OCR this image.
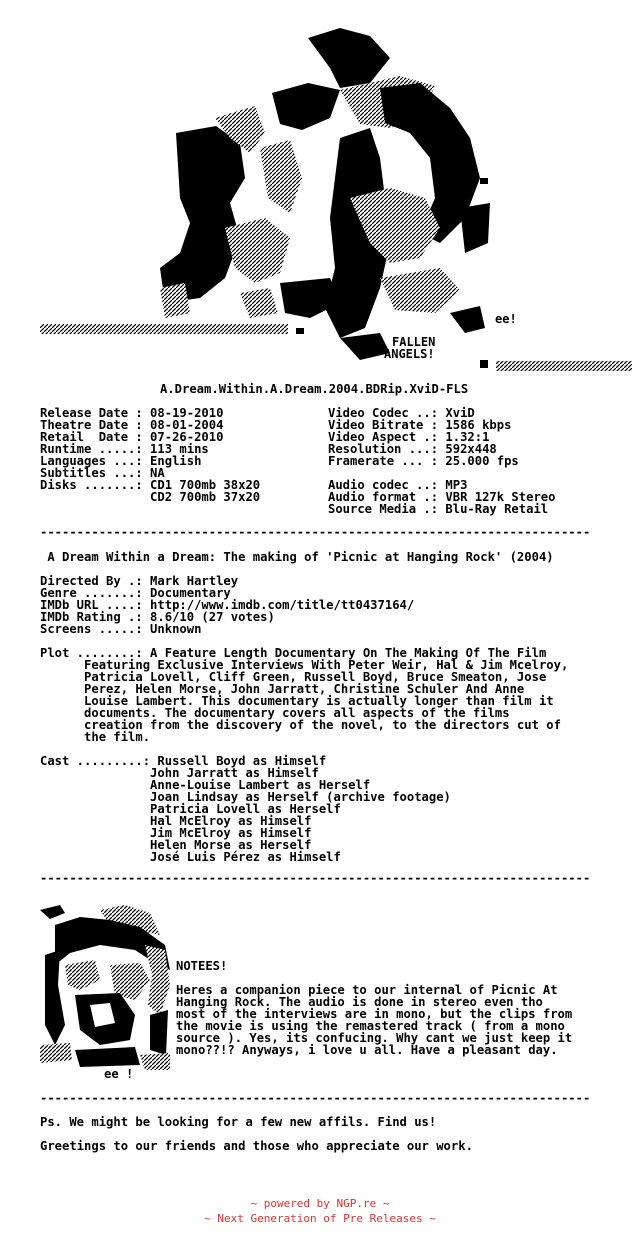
ee!
FALLEN
ANGELS!
A.Dream.Within.A.Dream.2004.BDRip.XviD-FLS
Release Date : 08-19-2010
Theatre Date : 08-01-2004
Retail  Date : 07-26-2010
Runtime .....: 113 mins
Languages ...: English
Subtitles ...: NA
Disks .......: CD1 700mb 38x20
CD2 700mb 37x20

Video Codec ..: XviD
Video Bitrate : 1586 kbps
Video Aspect .: 1.32:1
Resolution ...: 592x448
Framerate ... : 25.000 fps

Audio codec ..: MP3
Audio format .: VBR 127k Stereo
Source Media .: Blu-Ray Retail
---------------------------------------------------------------------------
A Dream Within a Dream: The making of 'Picnic at Hanging Rock' (2004)
Directed By .: Mark Hartley
Genre .......: Documentary
IMDb URL ....: http://www.imdb.com/title/tt0437164/
IMDb Rating .: 8.6/10 (27 votes)
Screens .....: Unknown
Plot ........: A Feature Length Documentary On The Making Of The Film
Featuring Exclusive Interviews With Peter Weir, Hal & Jim Mcelroy,
Patricia Lovell, Cliff Green, Russell Boyd, Bruce Smeaton, Jose
Perez, Helen Morse, John Jarratt, Christine Schuler And Anne
Louise Lambert. This documentary is actually longer than film it
documents. The documentary covers all aspects of the films
creation from the discovery of the novel, to the directors cut of
the film.
Cast .........: Russell Boyd as Himself
John Jarratt as Himself
Anne-Louise Lambert as Herself
Joan Lindsay as Herself (archive footage)
Patricia Lovell as Herself
Hal McElroy as Himself
Jim McElroy as Himself
Helen Morse as Herself
José Luis Pérez as Himself
---------------------------------------------------------------------------
NOTEES!
Heres a companion piece to our internal of Picnic At
Hanging Rock. The audio is done in stereo even tho
most of the interviews are in mono, but the clips from
the movie is using the remastered track ( from a mono
source ). Yes, its confucing. Why cant we just keep it
mono??!? Anyways, i love u all. Have a pleasant day.
ee !
---------------------------------------------------------------------------
Ps. We might be looking for a few new affils. Find us!
Greetings to our friends and those who appreciate our work.
~ powered by NGP.re ~
~ Next Generation of Pre Releases ~
